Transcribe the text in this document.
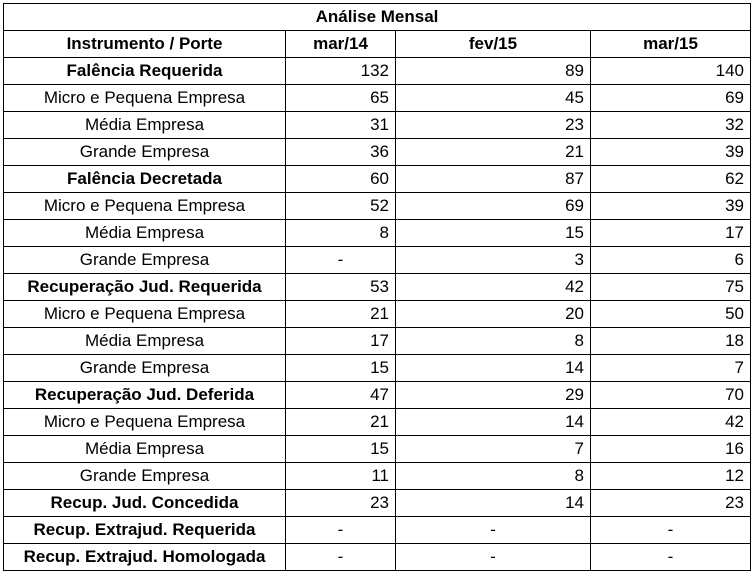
Análise Mensal			
Instrumento / Porte	mar/14	fev/15	mar/15
Falência Requerida	132	89	140
Micro e Pequena Empresa	65	45	69
Média Empresa	31	23	32
Grande Empresa	36	21	39
Falência Decretada	60	87	62
Micro e Pequena Empresa	52	69	39
Média Empresa	8	15	17
Grande Empresa	-	3	6
Recuperação Jud. Requerida	53	42	75
Micro e Pequena Empresa	21	20	50
Média Empresa	17	8	18
Grande Empresa	15	14	7
Recuperação Jud. Deferida	47	29	70
Micro e Pequena Empresa	21	14	42
Média Empresa	15	7	16
Grande Empresa	11	8	12
Recup. Jud. Concedida	23	14	23
Recup. Extrajud. Requerida	-	-	-
Recup. Extrajud. Homologada	-	-	-
